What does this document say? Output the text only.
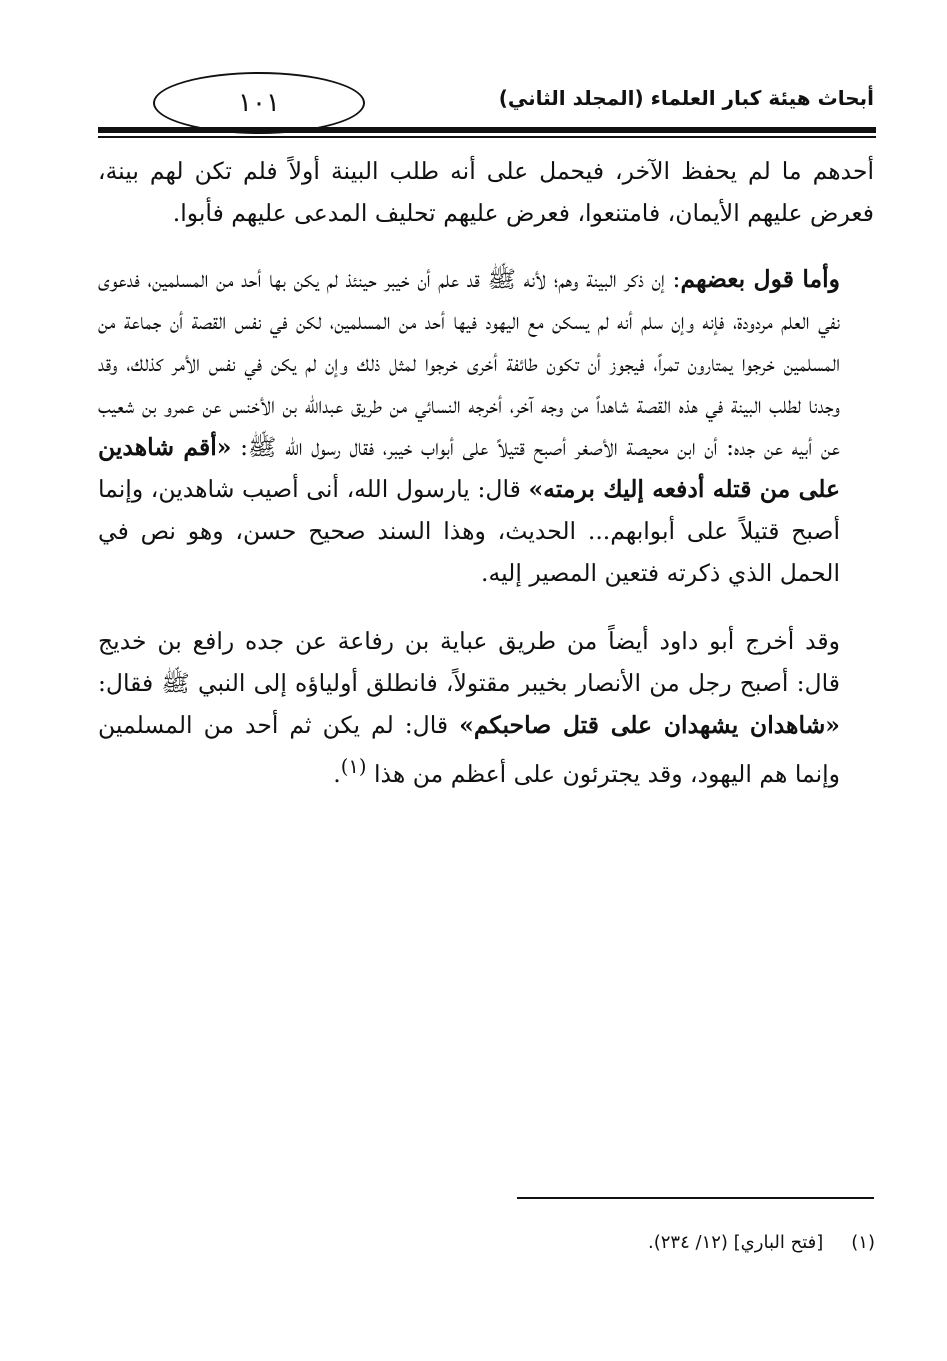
أبحاث هيئة كبار العلماء (المجلد الثاني)
١٠١

أحدهم ما لم يحفظ الآخر، فيحمل على أنه طلب البينة أولاً فلم تكن لهم بينة، فعرض عليهم الأيمان، فامتنعوا، فعرض عليهم تحليف المدعى عليهم فأبوا.

وأما قول بعضهم: إن ذكر البينة وهم؛ لأنه ﷺ قد علم أن خيبر حينئذ لم يكن بها أحد من المسلمين، فدعوى نفي العلم مردودة، فإنه وإن سلم أنه لم يسكن مع اليهود فيها أحد من المسلمين، لكن في نفس القصة أن جماعة من المسلمين خرجوا يمتارون تمراً، فيجوز أن تكون طائفة أخرى خرجوا لمثل ذلك وإن لم يكن في نفس الأمر كذلك، وقد وجدنا لطلب البينة في هذه القصة شاهداً من وجه آخر، أخرجه النسائي من طريق عبدالله بن الأخنس عن عمرو بن شعيب عن أبيه عن جده: أن ابن محيصة الأصغر أصبح قتيلاً على أبواب خيبر، فقال رسول الله ﷺ: «أقم شاهدين على من قتله أدفعه إليك برمته» قال: يارسول الله، أنى أصيب شاهدين، وإنما أصبح قتيلاً على أبوابهم... الحديث، وهذا السند صحيح حسن، وهو نص في الحمل الذي ذكرته فتعين المصير إليه.

وقد أخرج أبو داود أيضاً من طريق عباية بن رفاعة عن جده رافع بن خديج قال: أصبح رجل من الأنصار بخيبر مقتولاً، فانطلق أولياؤه إلى النبي ﷺ فقال: «شاهدان يشهدان على قتل صاحبكم» قال: لم يكن ثم أحد من المسلمين وإنما هم اليهود، وقد يجترئون على أعظم من هذا $^{(١)}$.

(١)[فتح الباري] (١٢/ ٢٣٤).
